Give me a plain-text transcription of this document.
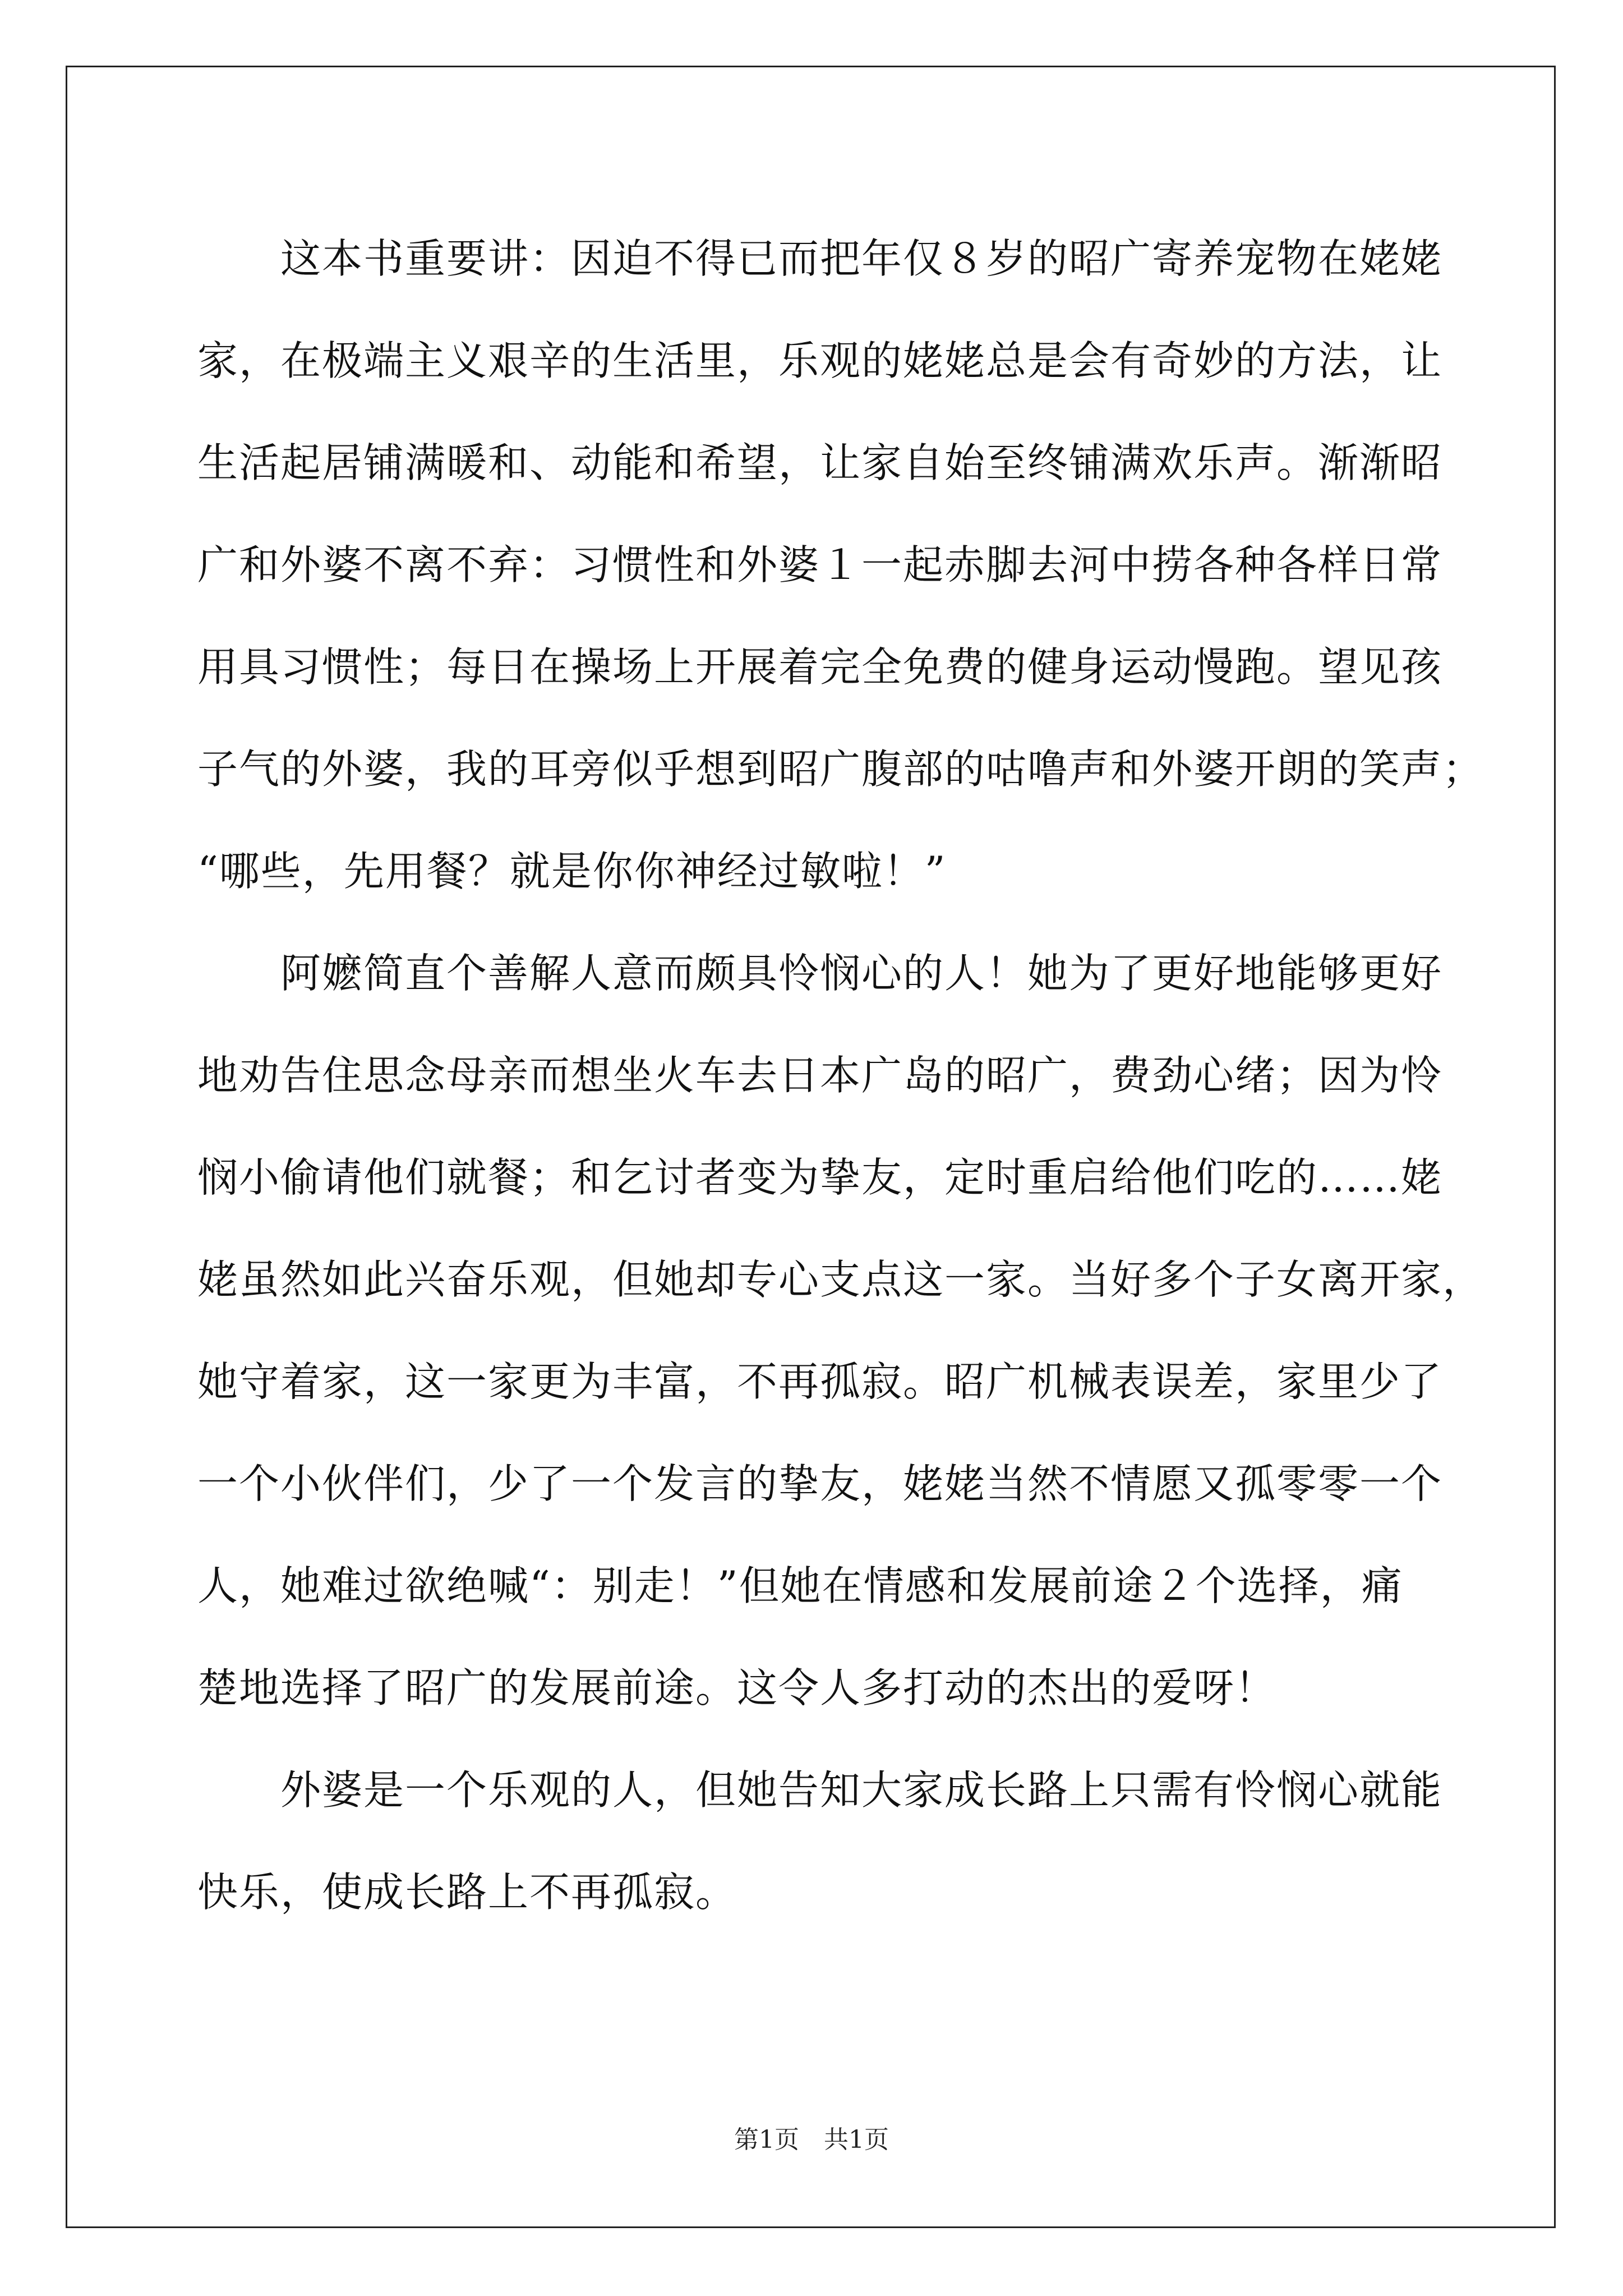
　　这本书重要讲：因迫不得已而把年仅８岁的昭广寄养宠物在姥姥
家，在极端主义艰辛的生活里，乐观的姥姥总是会有奇妙的方法，让
生活起居铺满暖和、动能和希望，让家自始至终铺满欢乐声。渐渐昭
广和外婆不离不弃：习惯性和外婆１一起赤脚去河中捞各种各样日常
用具习惯性；每日在操场上开展着完全免费的健身运动慢跑。望见孩
子气的外婆，我的耳旁似乎想到昭广腹部的咕噜声和外婆开朗的笑声；
“哪些，先用餐？就是你你神经过敏啦！”
　　阿嬷简直个善解人意而颇具怜悯心的人！她为了更好地能够更好
地劝告住思念母亲而想坐火车去日本广岛的昭广，费劲心绪；因为怜
悯小偷请他们就餐；和乞讨者变为挚友，定时重启给他们吃的……姥
姥虽然如此兴奋乐观，但她却专心支点这一家。当好多个子女离开家，
她守着家，这一家更为丰富，不再孤寂。昭广机械表误差，家里少了
一个小伙伴们，少了一个发言的挚友，姥姥当然不情愿又孤零零一个
人，她难过欲绝喊“：别走！”但她在情感和发展前途２个选择，痛
楚地选择了昭广的发展前途。这令人多打动的杰出的爱呀！
　　外婆是一个乐观的人，但她告知大家成长路上只需有怜悯心就能
快乐，使成长路上不再孤寂。
第1页　共1页
